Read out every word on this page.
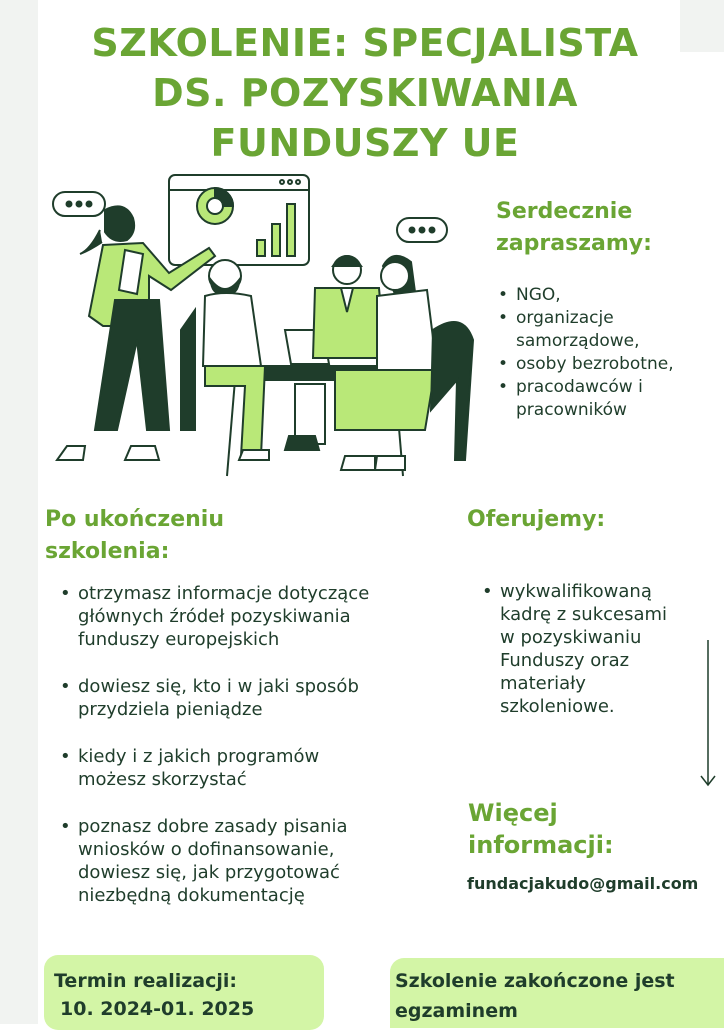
SZKOLENIE: SPECJALISTA
DS. POZYSKIWANIA
FUNDUSZY UE
Serdecznie
zapraszamy:
• NGO,
• organizacje samorządowe,
• osoby bezrobotne,
• pracodawców i pracowników
Po ukończeniu
szkolenia:
• otrzymasz informacje dotyczące głównych źródeł pozyskiwania funduszy europejskich
• dowiesz się, kto i w jaki sposób przydziela pieniądze
• kiedy i z jakich programów możesz skorzystać
• poznasz dobre zasady pisania wniosków o dofinansowanie, dowiesz się, jak przygotować niezbędną dokumentację
Oferujemy:
• wykwalifikowaną kadrę z sukcesami w pozyskiwaniu Funduszy oraz materiały szkoleniowe.
Więcej
informacji:
fundacjakudo@gmail.com
Termin realizacji:
10. 2024-01. 2025
Szkolenie zakończone jest
egzaminem
